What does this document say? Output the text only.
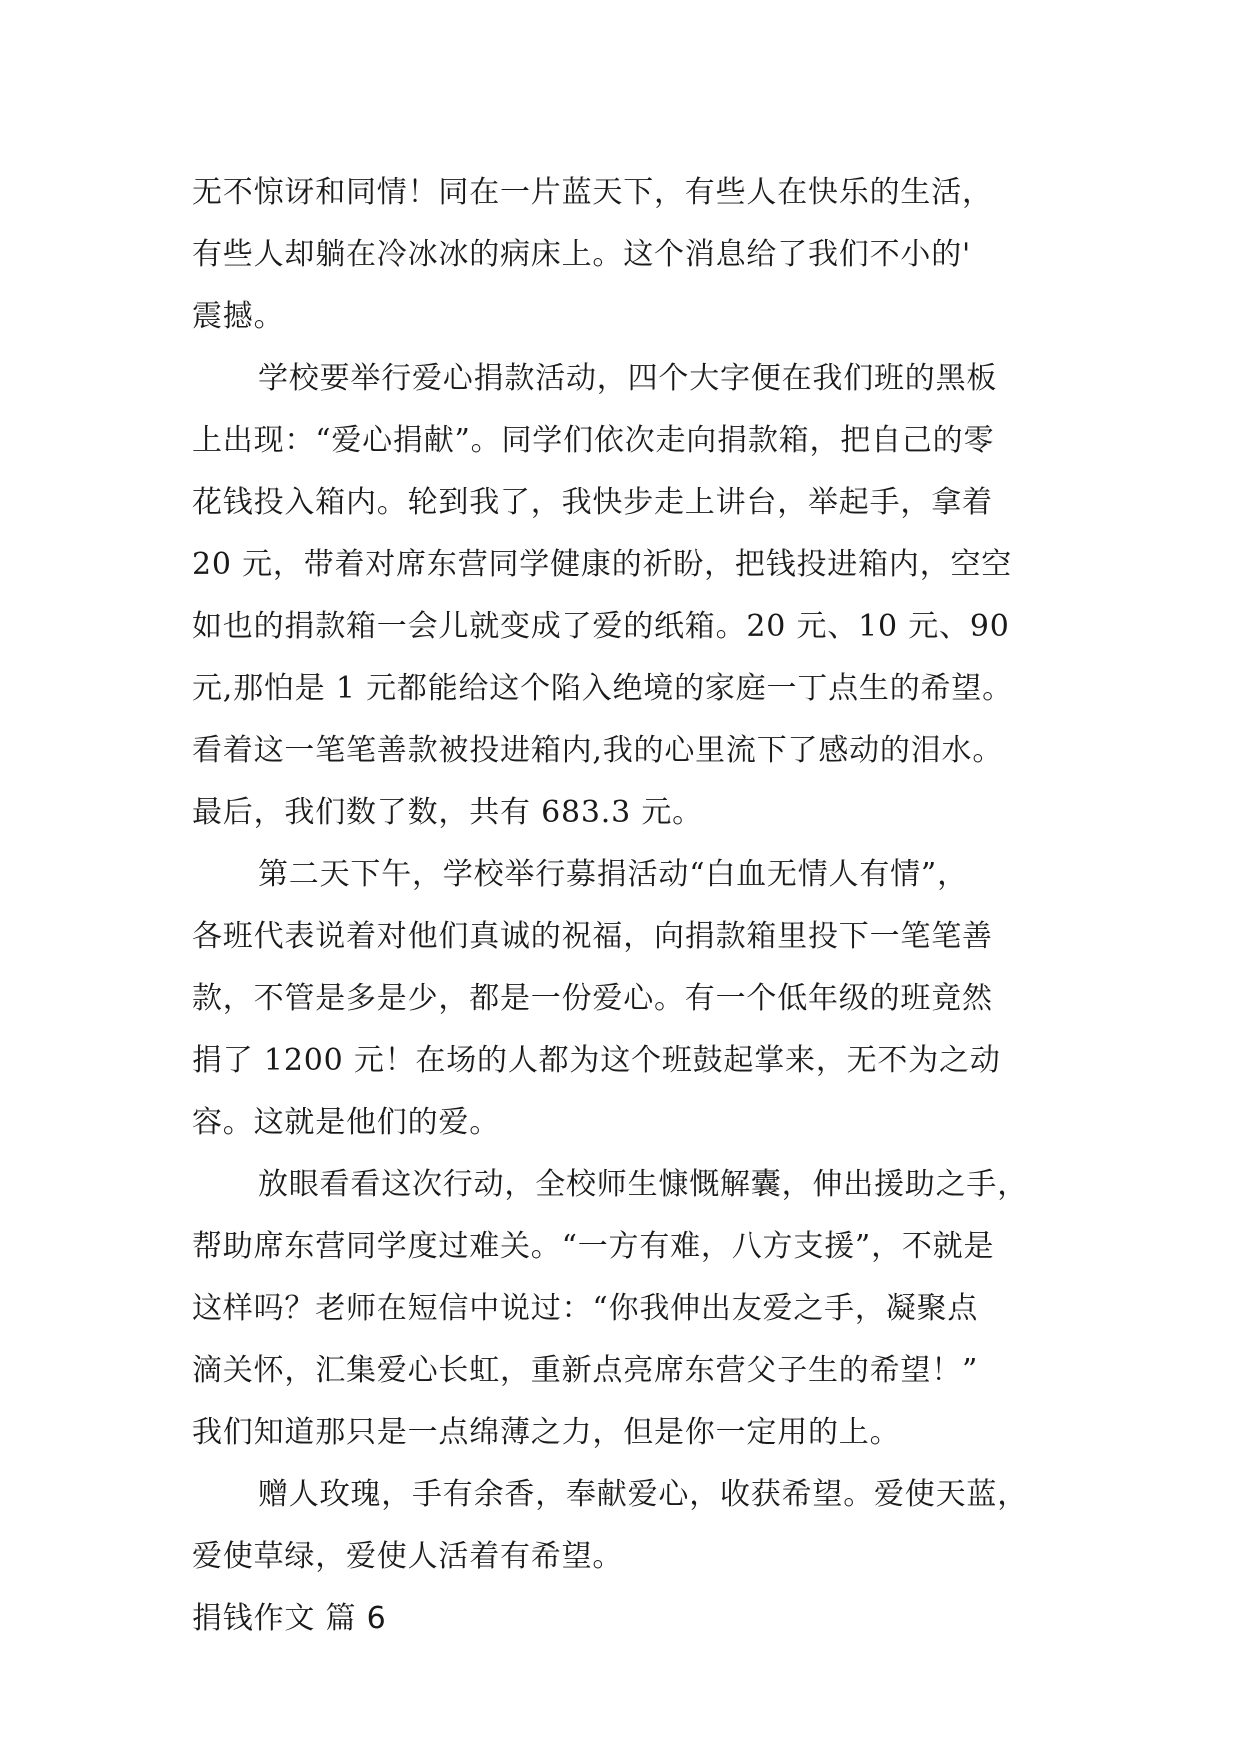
无不惊讶和同情！同在一片蓝天下，有些人在快乐的生活，
有些人却躺在冷冰冰的病床上。这个消息给了我们不小的'
震撼。
学校要举行爱心捐款活动，四个大字便在我们班的黑板
上出现：“爱心捐献”。同学们依次走向捐款箱，把自己的零
花钱投入箱内。轮到我了，我快步走上讲台，举起手，拿着
20 元，带着对席东营同学健康的祈盼，把钱投进箱内，空空
如也的捐款箱一会儿就变成了爱的纸箱。20 元、10 元、90
元,那怕是 1 元都能给这个陷入绝境的家庭一丁点生的希望。
看着这一笔笔善款被投进箱内,我的心里流下了感动的泪水。
最后，我们数了数，共有 683.3 元。
第二天下午，学校举行募捐活动“白血无情人有情”，
各班代表说着对他们真诚的祝福，向捐款箱里投下一笔笔善
款，不管是多是少，都是一份爱心。有一个低年级的班竟然
捐了 1200 元！在场的人都为这个班鼓起掌来，无不为之动
容。这就是他们的爱。
放眼看看这次行动，全校师生慷慨解囊，伸出援助之手，
帮助席东营同学度过难关。“一方有难，八方支援”，不就是
这样吗？老师在短信中说过：“你我伸出友爱之手，凝聚点
滴关怀，汇集爱心长虹，重新点亮席东营父子生的希望！”
我们知道那只是一点绵薄之力，但是你一定用的上。
赠人玫瑰，手有余香，奉献爱心，收获希望。爱使天蓝，
爱使草绿，爱使人活着有希望。
捐钱作文 篇 6
